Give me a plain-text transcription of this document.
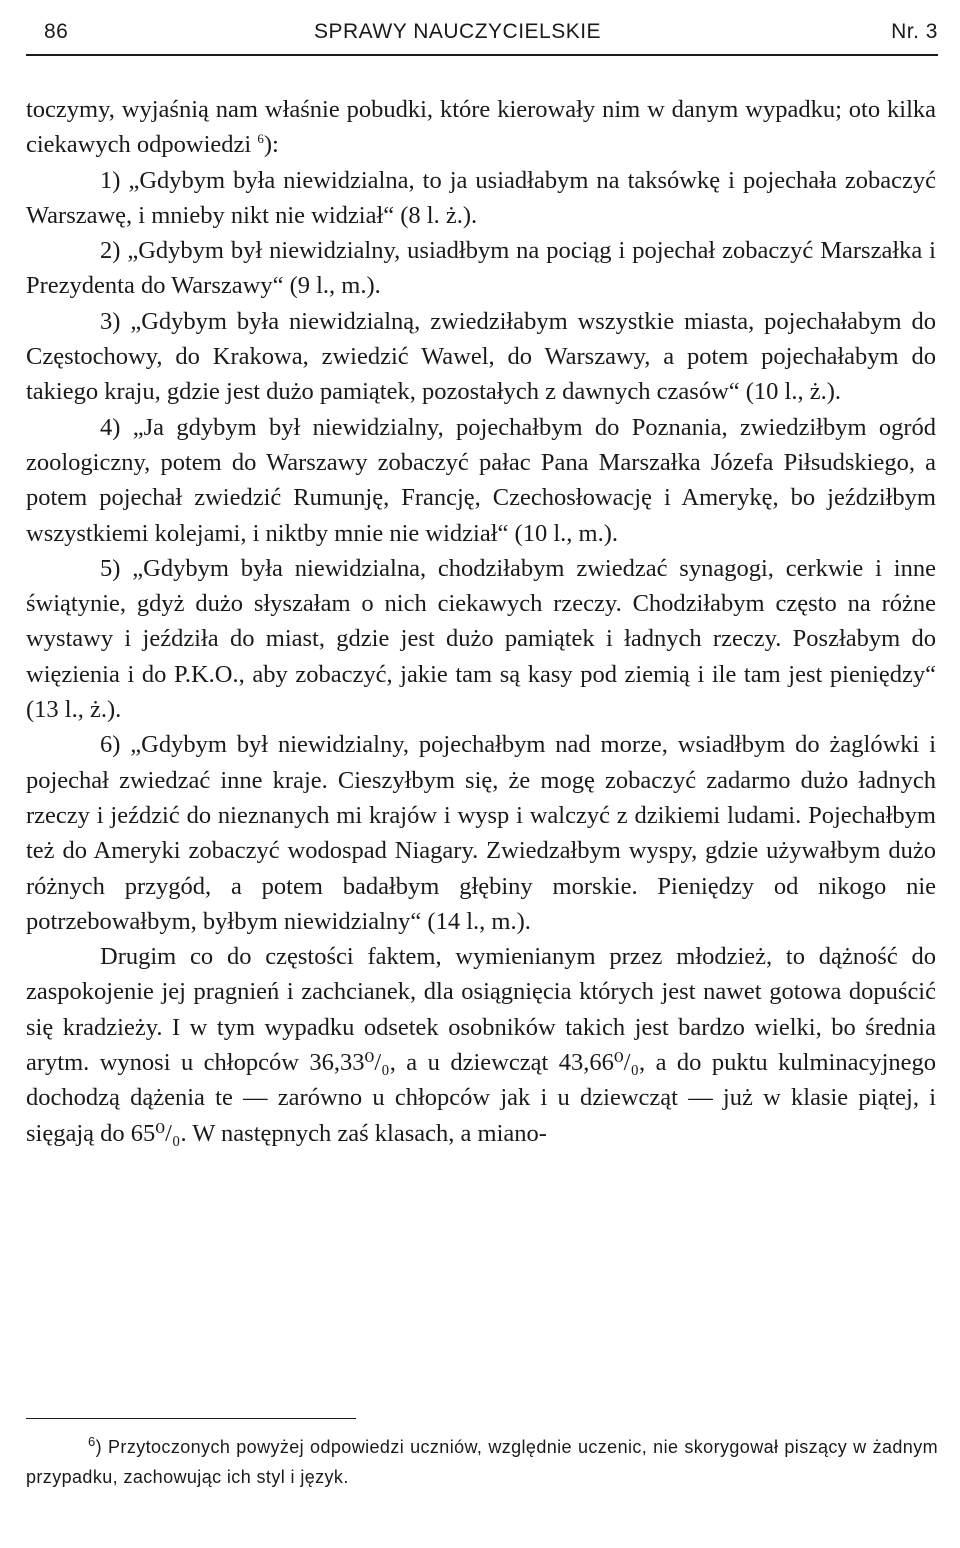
86	SPRAWY NAUCZYCIELSKIE	Nr. 3

toczymy, wyjaśnią nam właśnie pobudki, które kierowały nim w danym wypadku; oto kilka ciekawych odpowiedzi $^6$):

1) „Gdybym była niewidzialna, to ja usiadłabym na taksówkę i pojechała zobaczyć Warszawę, i mnieby nikt nie widział“ (8 l. ż.).

2) „Gdybym był niewidzialny, usiadłbym na pociąg i pojechał zobaczyć Marszałka i Prezydenta do Warszawy“ (9 l., m.).

3) „Gdybym była niewidzialną, zwiedziłabym wszystkie miasta, pojechałabym do Częstochowy, do Krakowa, zwiedzić Wawel, do Warszawy, a potem pojechałabym do takiego kraju, gdzie jest dużo pamiątek, pozostałych z dawnych czasów“ (10 l., ż.).

4) „Ja gdybym był niewidzialny, pojechałbym do Poznania, zwiedziłbym ogród zoologiczny, potem do Warszawy zobaczyć pałac Pana Marszałka Józefa Piłsudskiego, a potem pojechał zwiedzić Rumunję, Francję, Czechosłowację i Amerykę, bo jeździłbym wszystkiemi kolejami, i niktby mnie nie widział“ (10 l., m.).

5) „Gdybym była niewidzialna, chodziłabym zwiedzać synagogi, cerkwie i inne świątynie, gdyż dużo słyszałam o nich ciekawych rzeczy. Chodziłabym często na różne wystawy i jeździła do miast, gdzie jest dużo pamiątek i ładnych rzeczy. Poszłabym do więzienia i do P.K.O., aby zobaczyć, jakie tam są kasy pod ziemią i ile tam jest pieniędzy“ (13 l., ż.).

6) „Gdybym był niewidzialny, pojechałbym nad morze, wsiadłbym do żaglówki i pojechał zwiedzać inne kraje. Cieszyłbym się, że mogę zobaczyć zadarmo dużo ładnych rzeczy i jeździć do nieznanych mi krajów i wysp i walczyć z dzikiemi ludami. Pojechałbym też do Ameryki zobaczyć wodospad Niagary. Zwiedzałbym wyspy, gdzie używałbym dużo różnych przygód, a potem badałbym głębiny morskie. Pieniędzy od nikogo nie potrzebowałbym, byłbym niewidzialny“ (14 l., m.).

Drugim co do częstości faktem, wymienianym przez młodzież, to dążność do zaspokojenie jej pragnień i zachcianek, dla osiągnięcia których jest nawet gotowa dopuścić się kradzieży. I w tym wypadku odsetek osobników takich jest bardzo wielki, bo średnia arytm. wynosi u chłopców 36,33⁰/₀, a u dziewcząt 43,66⁰/₀, a do puktu kulminacyjnego dochodzą dążenia te — zarówno u chłopców jak i u dziewcząt — już w klasie piątej, i sięgają do 65⁰/₀. W następnych zaś klasach, a miano-

$^6$) Przytoczonych powyżej odpowiedzi uczniów, względnie uczenic, nie skorygował piszący w żadnym przypadku, zachowując ich styl i język.
